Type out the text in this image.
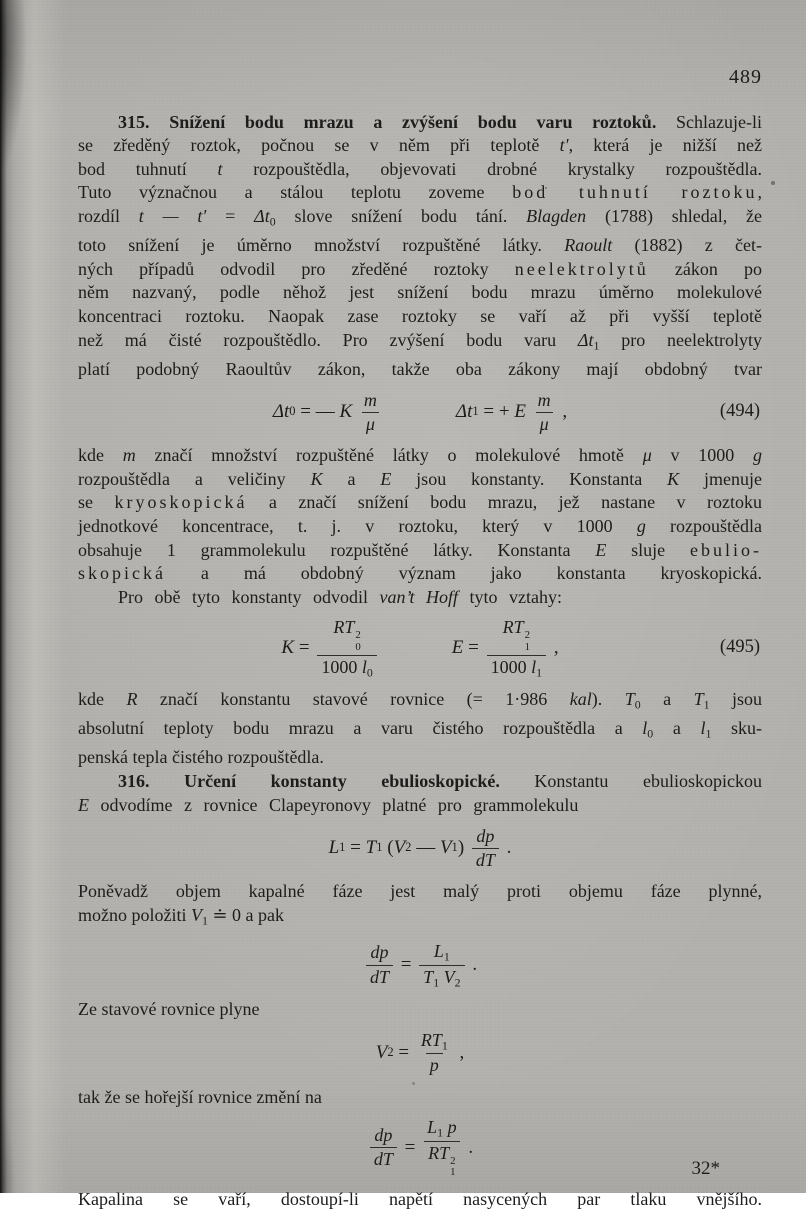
489
315. Snížení bodu mrazu a zvýšení bodu varu roztoků. Schlazuje-li
se zředěný roztok, počnou se v něm při teplotě t′, která je nižší než
bod tuhnutí t rozpouštědla, objevovati drobné krystalky rozpouštědla.
Tuto význačnou a stálou teplotu zoveme bod tuhnutí roztoku,
rozdíl t — $t' = \Delta t_0$ slove snížení bodu tání. Blagden (1788) shledal, že
toto snížení je úměrno množství rozpuštěné látky. Raoult (1882) z čet-
ných případů odvodil pro zředěné roztoky neelektrolytů zákon po
něm nazvaný, podle něhož jest snížení bodu mrazu úměrno molekulové
koncentraci roztoku. Naopak zase roztoky se vaří až při vyšší teplotě
než má čisté rozpouštědlo. Pro zvýšení bodu varu $\Delta t_1$ pro neelektrolyty
platí podobný Raoultův zákon, takže oba zákony mají obdobný tvar
Δt 0 = — K $\frac{m}{\mu}$	Δt 1 = + E $\frac{m}{\mu}$ ,	(494)
kde m značí množství rozpuštěné látky o molekulové hmotě μ v 1000 g
rozpouštědla a veličiny K a E jsou konstanty. Konstanta K jmenuje
se kryoskopická a značí snížení bodu mrazu, jež nastane v roztoku
jednotkové koncentrace, t. j. v roztoku, který v 1000 g rozpouštědla
obsahuje 1 grammolekulu rozpuštěné látky. Konstanta E sluje ebulio-
skopická a má obdobný význam jako konstanta kryoskopická.
Pro obě tyto konstanty odvodil van’t Hoff tyto vztahy:
K = RT 2
0
1000 $l_0$	E = RT 2
1
1000 $l_1$ ,	(495)
kde R značí konstantu stavové rovnice (= 1·986 kal). $T_0$ a $T_1$ jsou
absolutní teploty bodu mrazu a varu čistého rozpouštědla a $l_0$ a $l_1$ sku-
penská tepla čistého rozpouštědla.
316. Určení konstanty ebulioskopické. Konstantu ebulioskopickou
E odvodíme z rovnice Clapeyronovy platné pro grammolekulu
L 1 = T 1 ( V 2 — V 1 ) $\frac{dp}{dT}$ .
Poněvadž objem kapalné fáze jest malý proti objemu fáze plynné,
možno položiti $V_1$ ≐ 0 a pak
$\frac{dp}{dT} = \frac{L_1}{T_1 V_2}$ .
Ze stavové rovnice plyne
V $2 = \frac{RT_1}{p}$ ,
tak že se hořejší rovnice změní na
$\frac{dp}{dT} = L_1$ p
RT 2
1 .
Kapalina se vaří, dostoupí-li napětí nasycených par tlaku vnějšího.
32*
